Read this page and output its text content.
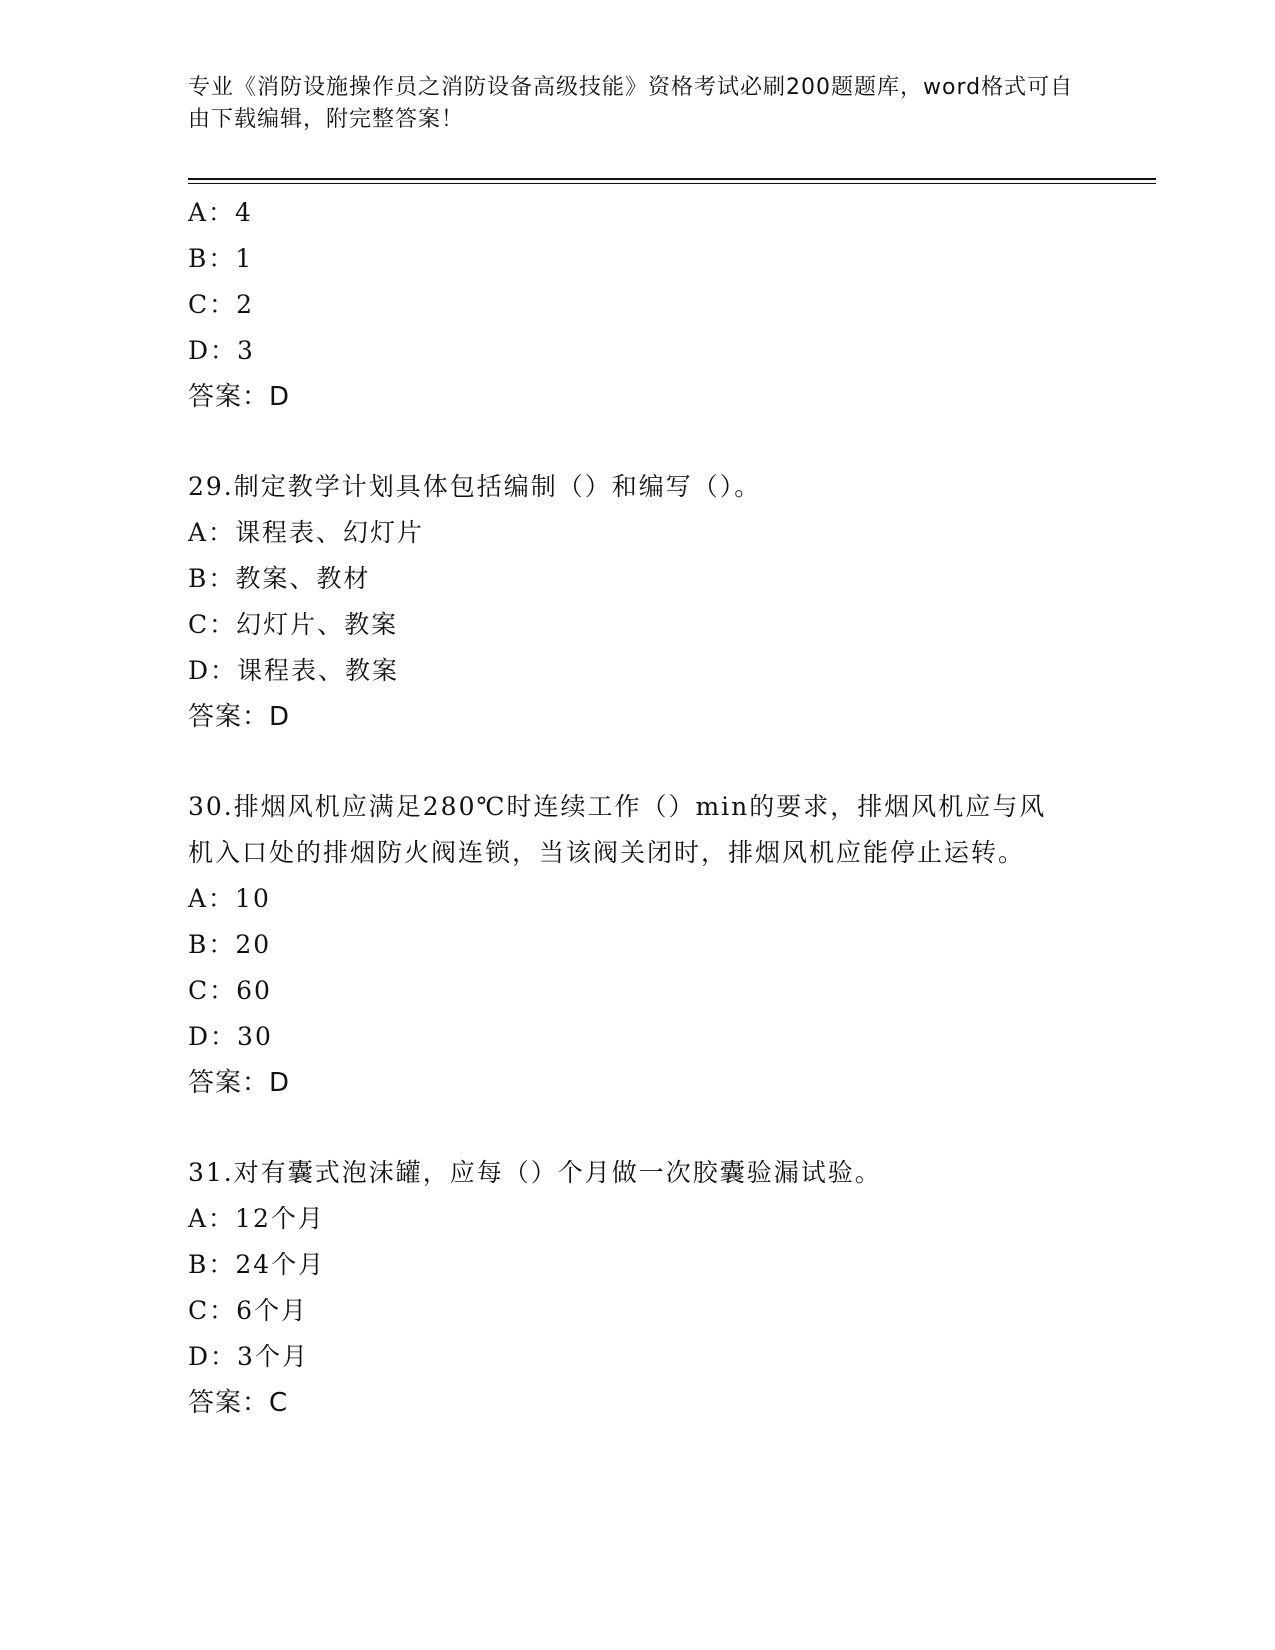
专业《消防设施操作员之消防设备高级技能》资格考试必刷200题题库，word格式可自由下载编辑，附完整答案！
A：4
B：1
C：2
D：3
答案：D
29.制定教学计划具体包括编制（）和编写（）。
A：课程表、幻灯片
B：教案、教材
C：幻灯片、教案
D：课程表、教案
答案：D
30.排烟风机应满足280℃时连续工作（）min的要求，排烟风机应与风机入口处的排烟防火阀连锁，当该阀关闭时，排烟风机应能停止运转。
A：10
B：20
C：60
D：30
答案：D
31.对有囊式泡沫罐，应每（）个月做一次胶囊验漏试验。
A：12个月
B：24个月
C：6个月
D：3个月
答案：C
